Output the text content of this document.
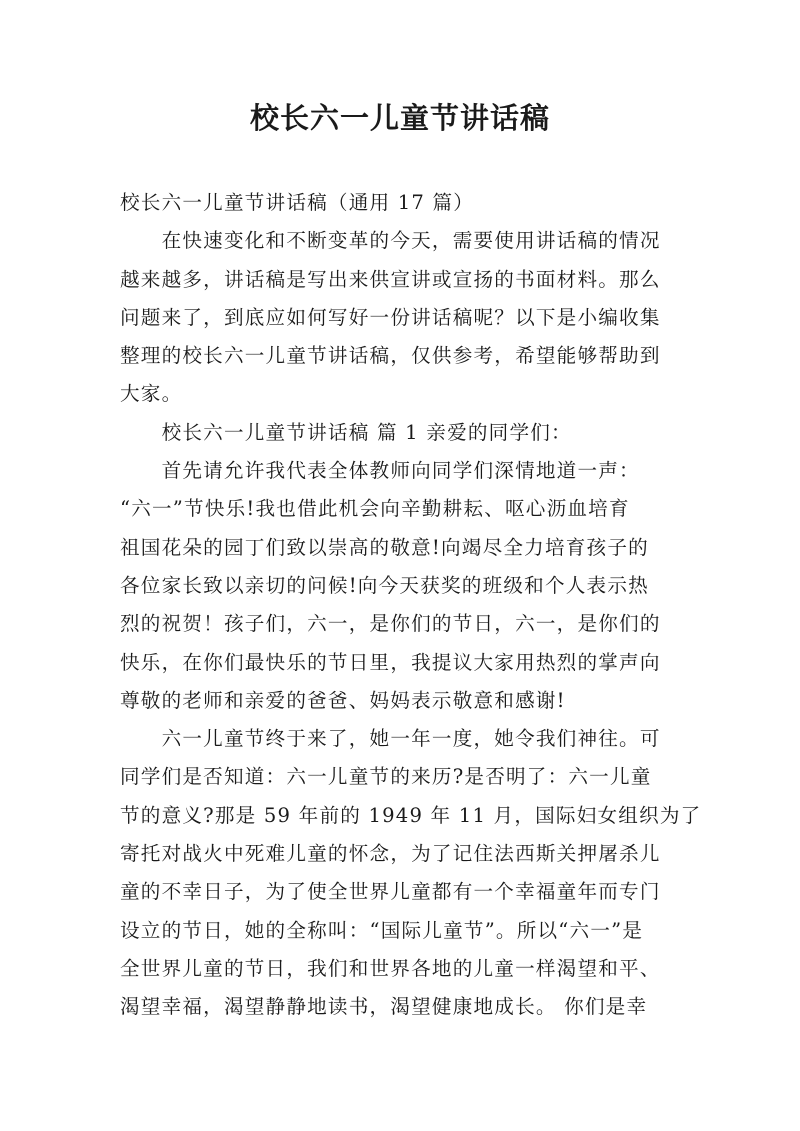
校长六一儿童节讲话稿
校长六一儿童节讲话稿（通用 17 篇）
　　在快速变化和不断变革的今天，需要使用讲话稿的情况
越来越多，讲话稿是写出来供宣讲或宣扬的书面材料。那么
问题来了，到底应如何写好一份讲话稿呢？以下是小编收集
整理的校长六一儿童节讲话稿，仅供参考，希望能够帮助到
大家。
　　校长六一儿童节讲话稿 篇 1 亲爱的同学们：
　　首先请允许我代表全体教师向同学们深情地道一声：
“六一”节快乐!我也借此机会向辛勤耕耘、呕心沥血培育
祖国花朵的园丁们致以崇高的敬意!向竭尽全力培育孩子的
各位家长致以亲切的问候!向今天获奖的班级和个人表示热
烈的祝贺！孩子们，六一，是你们的节日，六一，是你们的
快乐，在你们最快乐的节日里，我提议大家用热烈的掌声向
尊敬的老师和亲爱的爸爸、妈妈表示敬意和感谢!
　　六一儿童节终于来了，她一年一度，她令我们神往。可
同学们是否知道：六一儿童节的来历?是否明了：六一儿童
节的意义?那是 59 年前的 1949 年 11 月，国际妇女组织为了
寄托对战火中死难儿童的怀念，为了记住法西斯关押屠杀儿
童的不幸日子，为了使全世界儿童都有一个幸福童年而专门
设立的节日，她的全称叫：“国际儿童节”。所以“六一”是
全世界儿童的节日，我们和世界各地的儿童一样渴望和平、
渴望幸福，渴望静静地读书，渴望健康地成长。 你们是幸
